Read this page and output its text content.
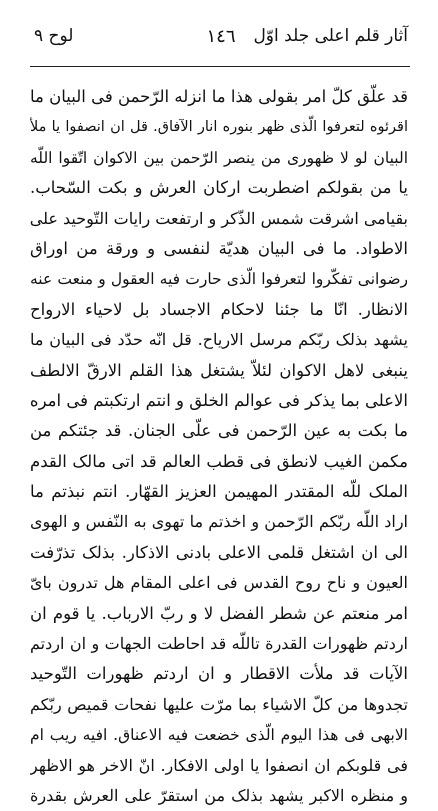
آثار قلم اعلی جلد اوّل
١٤٦
لوح ٩
قد علّق کلّ امر بقولی هذا ما انزله الرّحمن فی البیان ما
اقرئوه لتعرفوا الّذی ظهر بنوره انار الآفاق. قل ان انصفوا یا ملأ
البیان لو لا ظهوری من ینصر الرّحمن بین الاکوان اتّقوا اللّه
یا من بقولکم اضطربت ارکان العرش و بکت السّحاب.
بقیامی اشرقت شمس الذّکر و ارتفعت رایات التّوحید علی
الاطواد. ما فی البیان هدیّة لنفسی و ورقة من اوراق
رضوانی تفکّروا لتعرفوا الّذی حارت فیه العقول و منعت عنه
الانظار. انّا ما جئنا لاحکام الاجساد بل لاحیاء الارواح
یشهد بذلک ربّکم مرسل الارياح. قل انّه حدّد فی البیان ما
ینبغی لاهل الاکوان لئلاّ یشتغل هذا القلم الارقّ الالطف
الاعلی بما یذکر فی عوالم الخلق و انتم ارتکبتم فی امره
ما بکت به عین الرّحمن فی علّی الجنان. قد جئتکم من
مکمن الغیب لانطق فی قطب العالم قد اتی مالک القدم
الملک للّه المقتدر المهیمن العزیز القهّار. انتم نبذتم ما
اراد اللّه ربّکم الرّحمن و اخذتم ما تهوی به النّفس و الهوی
الی ان اشتغل قلمی الاعلی بادنی الاذکار. بذلک تذرّفت
العیون و ناح روح القدس فی اعلی المقام هل تدرون بایّ
امر منعتم عن شطر الفضل لا و ربّ الارباب. یا قوم ان
اردتم ظهورات القدرة تاللّه قد احاطت الجهات و ان اردتم
الآیات قد ملأت الاقطار و ان اردتم ظهورات التّوحید
تجدوها من کلّ الاشیاء بما مرّت علیها نفحات قمیص ربّکم
الابهی فی هذا الیوم الّذی خضعت فیه الاعناق. افیه ریب ام
فی قلوبکم ان انصفوا یا اولی الافکار. انّ الاخر هو الاظهر
و منظره الاکبر یشهد بذلک من استقرّ علی العرش بقدرة
